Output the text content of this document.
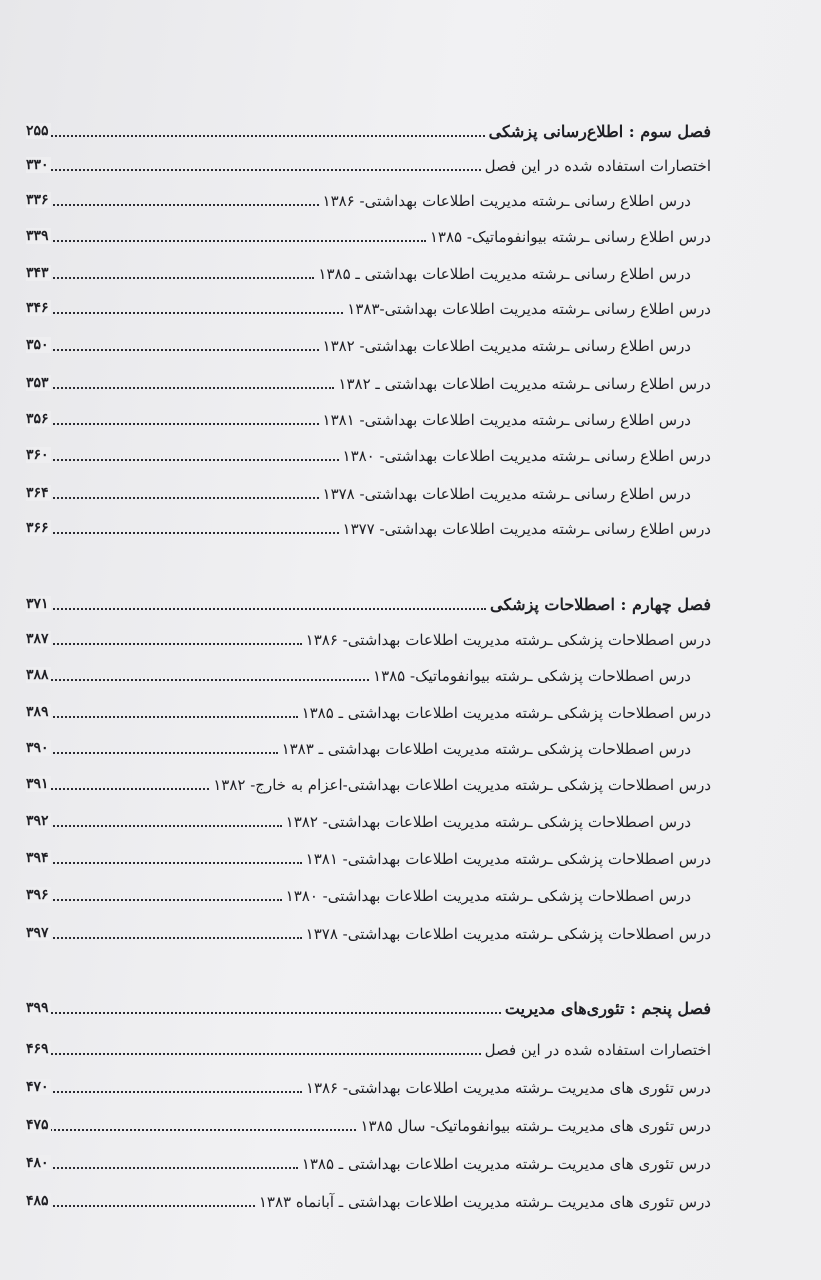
فصل سوم : اطلاع‌رسانی پزشکی
۲۵۵
اختصارات استفاده شده در این فصل
۳۳۰
درس اطلاع رسانی ـرشته مدیریت اطلاعات بهداشتی- ۱۳۸۶
۳۳۶
درس اطلاع رسانی ـرشته بیوانفوماتیک- ۱۳۸۵
۳۳۹
درس اطلاع رسانی ـرشته مدیریت اطلاعات بهداشتی ـ ۱۳۸۵
۳۴۳
درس اطلاع رسانی ـرشته مدیریت اطلاعات بهداشتی-۱۳۸۳
۳۴۶
درس اطلاع رسانی ـرشته مدیریت اطلاعات بهداشتی- ۱۳۸۲
۳۵۰
درس اطلاع رسانی ـرشته مدیریت اطلاعات بهداشتی ـ ۱۳۸۲
۳۵۳
درس اطلاع رسانی ـرشته مدیریت اطلاعات بهداشتی- ۱۳۸۱
۳۵۶
درس اطلاع رسانی ـرشته مدیریت اطلاعات بهداشتی- ۱۳۸۰
۳۶۰
درس اطلاع رسانی ـرشته مدیریت اطلاعات بهداشتی- ۱۳۷۸
۳۶۴
درس اطلاع رسانی ـرشته مدیریت اطلاعات بهداشتی- ۱۳۷۷
۳۶۶
فصل چهارم : اصطلاحات پزشکی
۳۷۱
درس اصطلاحات پزشکی ـرشته مدیریت اطلاعات بهداشتی- ۱۳۸۶
۳۸۷
درس اصطلاحات پزشکی ـرشته بیوانفوماتیک- ۱۳۸۵
۳۸۸
درس اصطلاحات پزشکی ـرشته مدیریت اطلاعات بهداشتی ـ ۱۳۸۵
۳۸۹
درس اصطلاحات پزشکی ـرشته مدیریت اطلاعات بهداشتی ـ ۱۳۸۳
۳۹۰
درس اصطلاحات پزشکی ـرشته مدیریت اطلاعات بهداشتی-اعزام به خارج- ۱۳۸۲
۳۹۱
درس اصطلاحات پزشکی ـرشته مدیریت اطلاعات بهداشتی- ۱۳۸۲
۳۹۲
درس اصطلاحات پزشکی ـرشته مدیریت اطلاعات بهداشتی- ۱۳۸۱
۳۹۴
درس اصطلاحات پزشکی ـرشته مدیریت اطلاعات بهداشتی- ۱۳۸۰
۳۹۶
درس اصطلاحات پزشکی ـرشته مدیریت اطلاعات بهداشتی- ۱۳۷۸
۳۹۷
فصل پنجم : تئوری‌های مدیریت
۳۹۹
اختصارات استفاده شده در این فصل
۴۶۹
درس تئوری های مدیریت ـرشته مدیریت اطلاعات بهداشتی- ۱۳۸۶
۴۷۰
درس تئوری های مدیریت ـرشته بیوانفوماتیک- سال ۱۳۸۵
۴۷۵
درس تئوری های مدیریت ـرشته مدیریت اطلاعات بهداشتی ـ ۱۳۸۵
۴۸۰
درس تئوری های مدیریت ـرشته مدیریت اطلاعات بهداشتی ـ آبانماه ۱۳۸۳
۴۸۵
